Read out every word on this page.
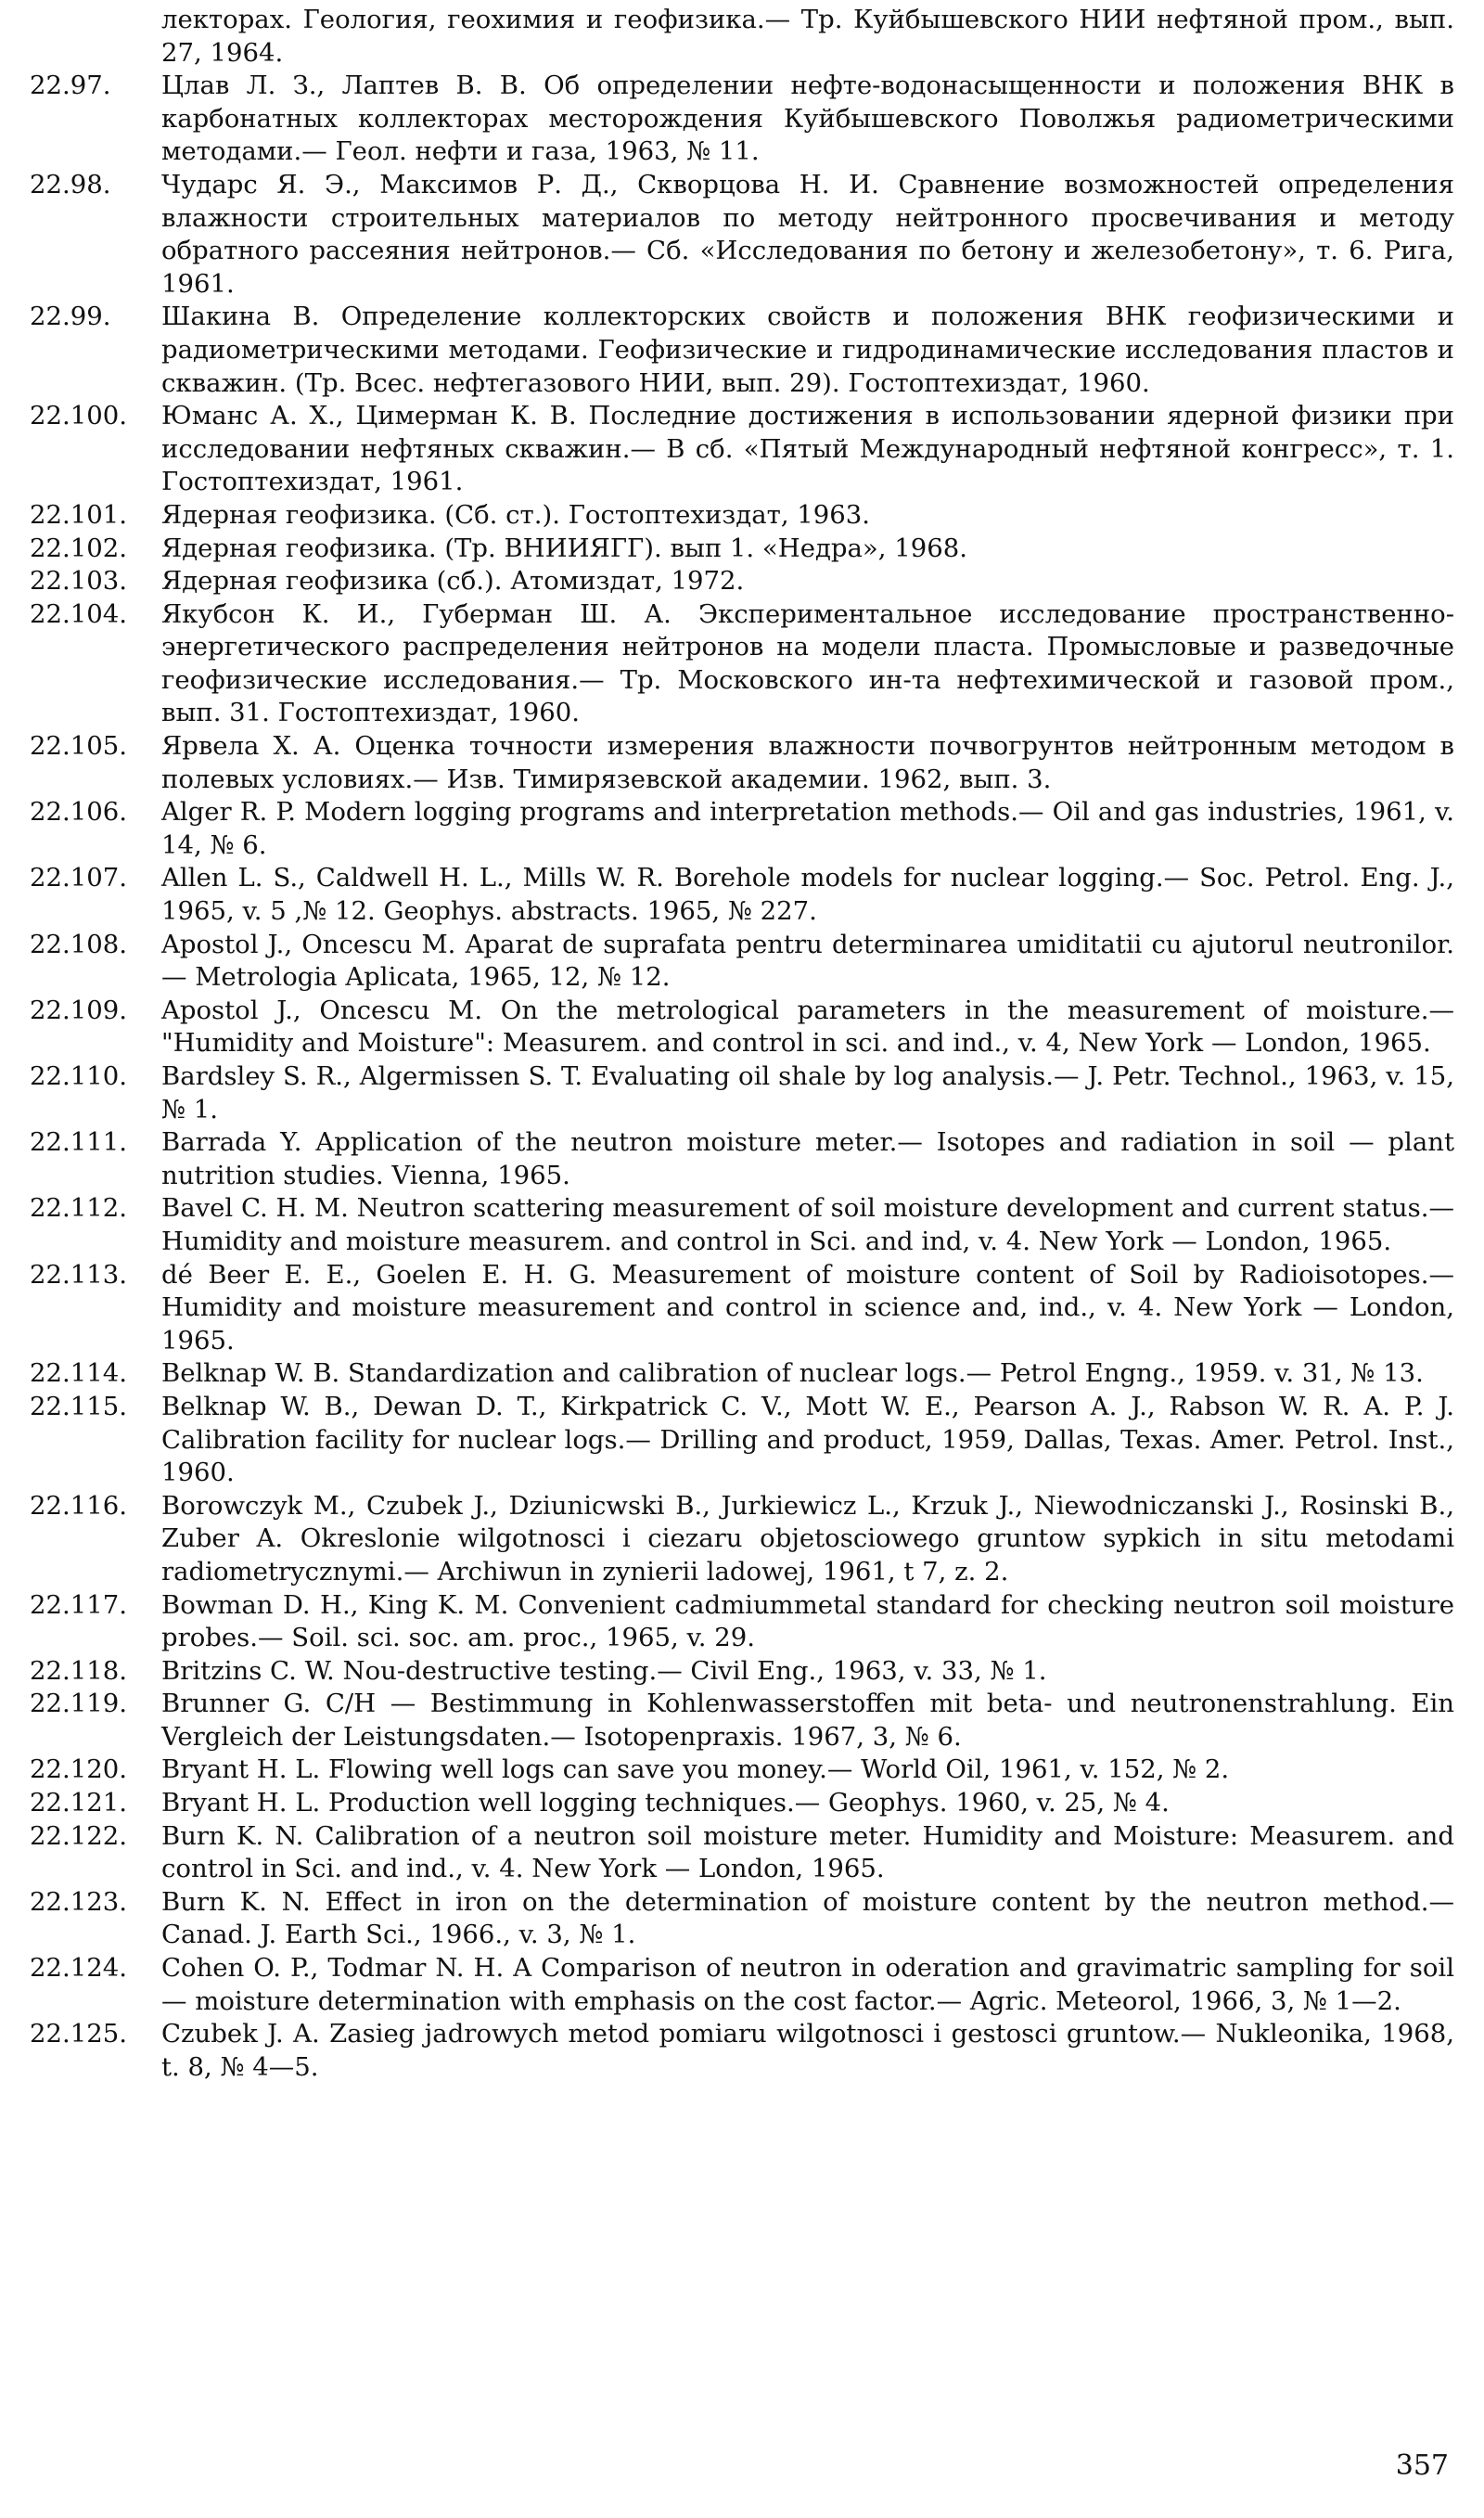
лекторах. Геология, геохимия и геофизика.— Тр. Куйбышевского НИИ нефтяной пром., вып. 27, 1964.

22.97.	Цлав Л. З., Лаптев В. В. Об определении нефте-водонасыщенности и положения ВНК в карбонатных коллекторах месторождения Куйбышевского Поволжья радиометрическими методами.— Геол. нефти и газа, 1963, № 11.

22.98.	Чударс Я. Э., Максимов Р. Д., Скворцова Н. И. Сравнение возможностей определения влажности строительных материалов по методу нейтронного просвечивания и методу обратного рассеяния нейтронов.— Сб. «Исследования по бетону и железобетону», т. 6. Рига, 1961.

22.99.	Шакина В. Определение коллекторских свойств и положения ВНК геофизическими и радиометрическими методами. Геофизические и гидродинамические исследования пластов и скважин. (Тр. Всес. нефтегазового НИИ, вып. 29). Гостоптехиздат, 1960.

22.100.	Юманс А. Х., Цимерман К. В. Последние достижения в использовании ядерной физики при исследовании нефтяных скважин.— В сб. «Пятый Международный нефтяной конгресс», т. 1. Гостоптехиздат, 1961.

22.101.	Ядерная геофизика. (Сб. ст.). Гостоптехиздат, 1963.

22.102.	Ядерная геофизика. (Тр. ВНИИЯГГ). вып 1. «Недра», 1968.

22.103.	Ядерная геофизика (сб.). Атомиздат, 1972.

22.104.	Якубсон К. И., Губерман Ш. А. Экспериментальное исследование пространственно-энергетического распределения нейтронов на модели пласта. Промысловые и разведочные геофизические исследования.— Тр. Московского ин-та нефтехимической и газовой пром., вып. 31. Гостоптехиздат, 1960.

22.105.	Ярвела Х. А. Оценка точности измерения влажности почвогрунтов нейтронным методом в полевых условиях.— Изв. Тимирязевской академии. 1962, вып. 3.

22.106.	Alger R. P. Modern logging programs and interpretation methods.— Oil and gas industries, 1961, v. 14, № 6.

22.107.	Allen L. S., Caldwell H. L., Mills W. R. Borehole models for nuclear logging.— Soc. Petrol. Eng. J., 1965, v. 5 ,№ 12. Geophys. abstracts. 1965, № 227.

22.108.	Apostol J., Oncescu M. Aparat de suprafata pentru determinarea umiditatii cu ajutorul neutronilor.— Metrologia Aplicata, 1965, 12, № 12.

22.109.	Apostol J., Oncescu M. On the metrological parameters in the measurement of moisture.— "Humidity and Moisture": Measurem. and control in sci. and ind., v. 4, New York — London, 1965.

22.110.	Bardsley S. R., Algermissen S. T. Evaluating oil shale by log analysis.— J. Petr. Technol., 1963, v. 15, № 1.

22.111.	Barrada Y. Application of the neutron moisture meter.— Isotopes and radiation in soil — plant nutrition studies. Vienna, 1965.

22.112.	Bavel C. H. M. Neutron scattering measurement of soil moisture development and current status.— Humidity and moisture measurem. and control in Sci. and ind, v. 4. New York — London, 1965.

22.113.	dé Beer E. E., Goelen E. H. G. Measurement of moisture content of Soil by Radioisotopes.— Humidity and moisture measurement and control in science and, ind., v. 4. New York — London, 1965.

22.114.	Belknap W. B. Standardization and calibration of nuclear logs.— Petrol Engng., 1959. v. 31, № 13.

22.115.	Belknap W. B., Dewan D. T., Kirkpatrick C. V., Mott W. E., Pearson A. J., Rabson W. R. A. P. J. Calibration facility for nuclear logs.— Drilling and product, 1959, Dallas, Texas. Amer. Petrol. Inst., 1960.

22.116.	Borowczyk M., Czubek J., Dziunicwski B., Jurkiewicz L., Krzuk J., Niewodniczanski J., Rosinski B., Zuber A. Okreslonie wilgotnosci i ciezaru objetosciowego gruntow sypkich in situ metodami radiometrycznymi.— Archiwun in zynierii ladowej, 1961, t 7, z. 2.

22.117.	Bowman D. H., King K. M. Convenient cadmiummetal standard for checking neutron soil moisture probes.— Soil. sci. soc. am. proc., 1965, v. 29.

22.118.	Britzins C. W. Nou-destructive testing.— Civil Eng., 1963, v. 33, № 1.

22.119.	Brunner G. C/H — Bestimmung in Kohlenwasserstoffen mit beta- und neutronenstrahlung. Ein Vergleich der Leistungsdaten.— Isotopenpraxis. 1967, 3, № 6.

22.120.	Bryant H. L. Flowing well logs can save you money.— World Oil, 1961, v. 152, № 2.

22.121.	Bryant H. L. Production well logging techniques.— Geophys. 1960, v. 25, № 4.

22.122.	Burn K. N. Calibration of a neutron soil moisture meter. Humidity and Moisture: Measurem. and control in Sci. and ind., v. 4. New York — London, 1965.

22.123.	Burn K. N. Effect in iron on the determination of moisture content by the neutron method.— Canad. J. Earth Sci., 1966., v. 3, № 1.

22.124.	Cohen O. P., Todmar N. H. A Comparison of neutron in oderation and gravimatric sampling for soil — moisture determination with emphasis on the cost factor.— Agric. Meteorol, 1966, 3, № 1—2.

22.125.	Czubek J. A. Zasieg jadrowych metod pomiaru wilgotnosci i gestosci gruntow.— Nukleonika, 1968, t. 8, № 4—5.

357
